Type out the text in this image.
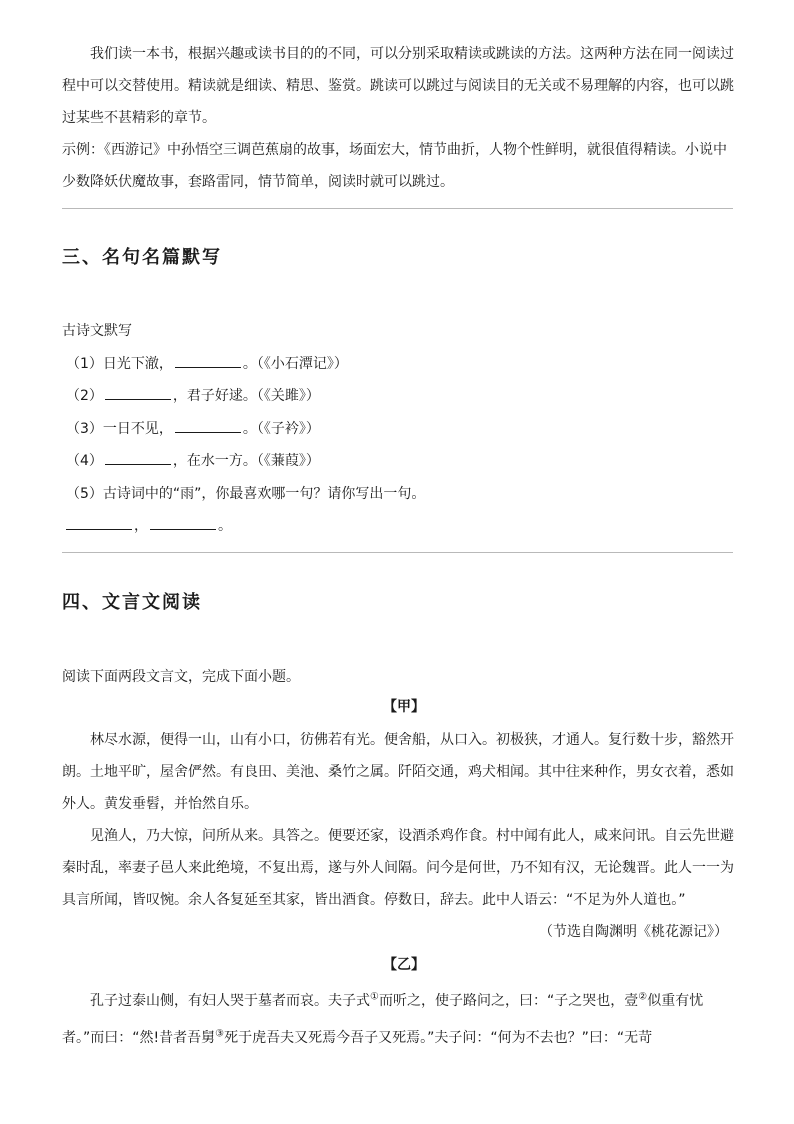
我们读一本书，根据兴趣或读书目的的不同，可以分别采取精读或跳读的方法。这两种方法在同一阅读过
程中可以交替使用。精读就是细读、精思、鉴赏。跳读可以跳过与阅读目的无关或不易理解的内容，也可以跳
过某些不甚精彩的章节。
示例：《西游记》中孙悟空三调芭蕉扇的故事，场面宏大，情节曲折，人物个性鲜明，就很值得精读。小说中
少数降妖伏魔故事，套路雷同，情节简单，阅读时就可以跳过。
三、名句名篇默写
古诗文默写
（1）日光下澈，	。（《小石潭记》）
（2）	，君子好逑。（《关雎》）
（3）一日不见，	。（《子衿》）
（4）	，在水一方。（《蒹葭》）
（5）古诗词中的“雨”，你最喜欢哪一句？请你写出一句。
，	。
四、文言文阅读
阅读下面两段文言文，完成下面小题。
【甲】
林尽水源，便得一山，山有小口，彷佛若有光。便舍船，从口入。初极狭，才通人。复行数十步，豁然开
朗。土地平旷，屋舍俨然。有良田、美池、桑竹之属。阡陌交通，鸡犬相闻。其中往来种作，男女衣着，悉如
外人。黄发垂髫，并怡然自乐。
见渔人，乃大惊，问所从来。具答之。便要还家，设酒杀鸡作食。村中闻有此人，咸来问讯。自云先世避
秦时乱，率妻子邑人来此绝境，不复出焉，遂与外人间隔。问今是何世，乃不知有汉，无论魏晋。此人一一为
具言所闻，皆叹惋。余人各复延至其家，皆出酒食。停数日，辞去。此中人语云：“不足为外人道也。”
（节选自陶渊明《桃花源记》）
【乙】
孔子过泰山侧，有妇人哭于墓者而哀。夫子式①而听之，使子路问之，曰：“子之哭也，壹②似重有忧
者。”而曰：“然!昔者吾舅③死于虎吾夫又死焉今吾子又死焉。”夫子问：“何为不去也？”曰：“无苛
